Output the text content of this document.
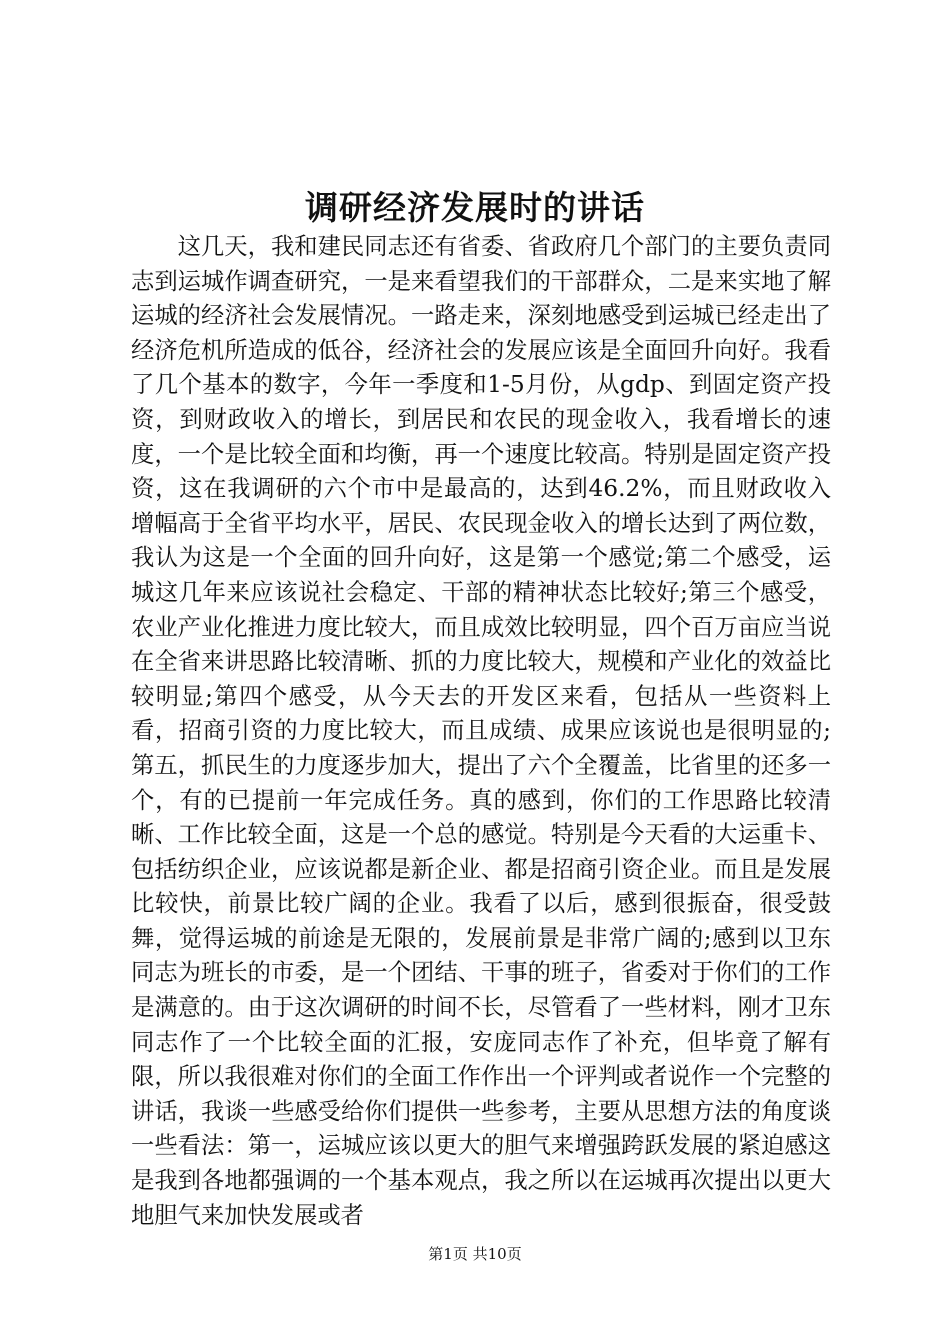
调研经济发展时的讲话

这几天，我和建民同志还有省委、省政府几个部门的主要负责同志到运城作调查研究，一是来看望我们的干部群众，二是来实地了解运城的经济社会发展情况。一路走来，深刻地感受到运城已经走出了经济危机所造成的低谷，经济社会的发展应该是全面回升向好。我看了几个基本的数字，今年一季度和1-5月份，从gdp、到固定资产投资，到财政收入的增长，到居民和农民的现金收入，我看增长的速度，一个是比较全面和均衡，再一个速度比较高。特别是固定资产投资，这在我调研的六个市中是最高的，达到46.2%，而且财政收入增幅高于全省平均水平，居民、农民现金收入的增长达到了两位数，我认为这是一个全面的回升向好，这是第一个感觉;第二个感受，运城这几年来应该说社会稳定、干部的精神状态比较好;第三个感受，农业产业化推进力度比较大，而且成效比较明显，四个百万亩应当说在全省来讲思路比较清晰、抓的力度比较大，规模和产业化的效益比较明显;第四个感受，从今天去的开发区来看，包括从一些资料上看，招商引资的力度比较大，而且成绩、成果应该说也是很明显的;第五，抓民生的力度逐步加大，提出了六个全覆盖，比省里的还多一个，有的已提前一年完成任务。真的感到，你们的工作思路比较清晰、工作比较全面，这是一个总的感觉。特别是今天看的大运重卡、包括纺织企业，应该说都是新企业、都是招商引资企业。而且是发展比较快，前景比较广阔的企业。我看了以后，感到很振奋，很受鼓舞，觉得运城的前途是无限的，发展前景是非常广阔的;感到以卫东同志为班长的市委，是一个团结、干事的班子，省委对于你们的工作是满意的。由于这次调研的时间不长，尽管看了一些材料，刚才卫东同志作了一个比较全面的汇报，安庞同志作了补充，但毕竟了解有限，所以我很难对你们的全面工作作出一个评判或者说作一个完整的讲话，我谈一些感受给你们提供一些参考，主要从思想方法的角度谈一些看法：第一，运城应该以更大的胆气来增强跨跃发展的紧迫感这是我到各地都强调的一个基本观点，我之所以在运城再次提出以更大地胆气来加快发展或者

第1页 共10页
